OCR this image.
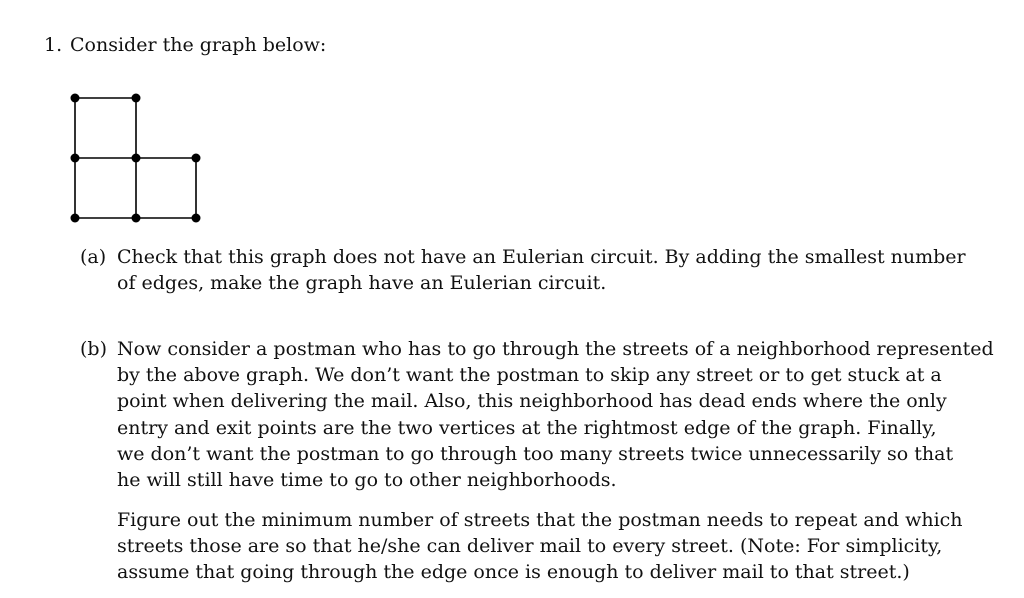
1. Consider the graph below:
(a) Check that this graph does not have an Eulerian circuit. By adding the smallest number
of edges, make the graph have an Eulerian circuit.
(b) Now consider a postman who has to go through the streets of a neighborhood represented
by the above graph. We don’t want the postman to skip any street or to get stuck at a
point when delivering the mail. Also, this neighborhood has dead ends where the only
entry and exit points are the two vertices at the rightmost edge of the graph. Finally,
we don’t want the postman to go through too many streets twice unnecessarily so that
he will still have time to go to other neighborhoods.
Figure out the minimum number of streets that the postman needs to repeat and which
streets those are so that he/she can deliver mail to every street. (Note: For simplicity,
assume that going through the edge once is enough to deliver mail to that street.)
